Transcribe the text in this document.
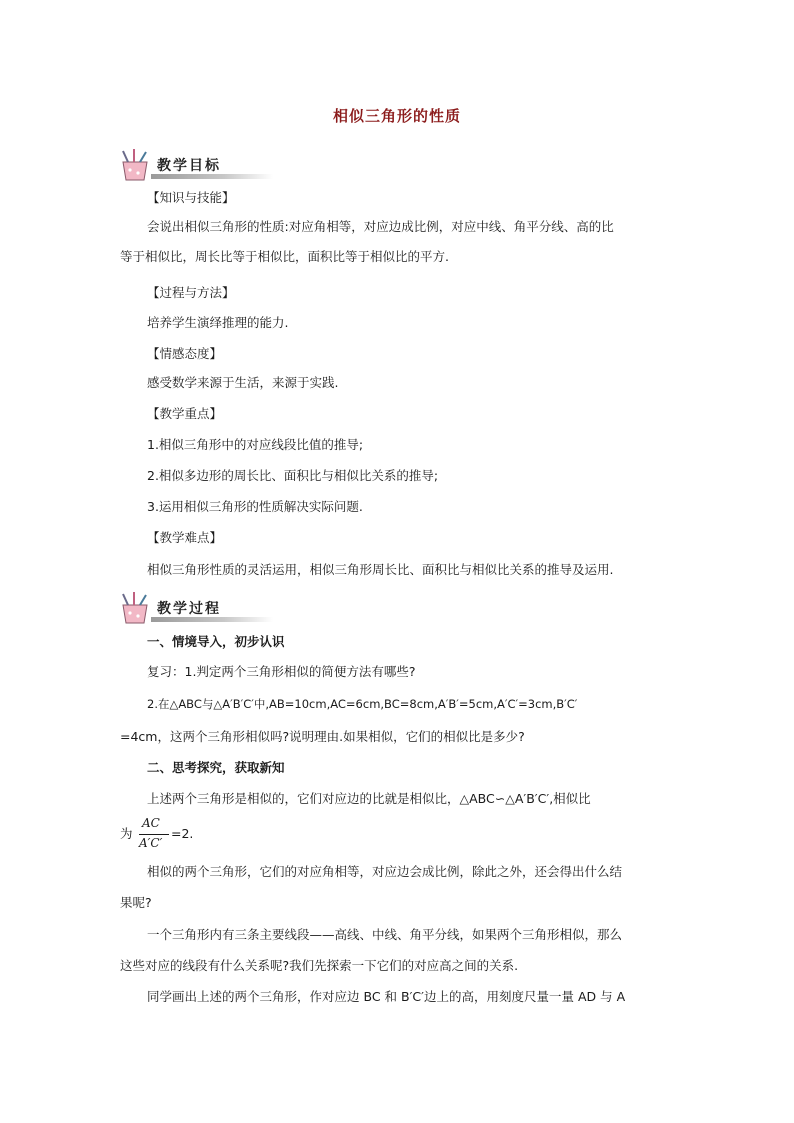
相似三角形的性质
教学目标
【知识与技能】
会说出相似三角形的性质:对应角相等，对应边成比例，对应中线、角平分线、高的比
等于相似比，周长比等于相似比，面积比等于相似比的平方.
【过程与方法】
培养学生演绎推理的能力.
【情感态度】
感受数学来源于生活，来源于实践.
【教学重点】
1.相似三角形中的对应线段比值的推导;
2.相似多边形的周长比、面积比与相似比关系的推导;
3.运用相似三角形的性质解决实际问题.
【教学难点】
相似三角形性质的灵活运用，相似三角形周长比、面积比与相似比关系的推导及运用.
教学过程
一、情境导入，初步认识
复习：1.判定两个三角形相似的简便方法有哪些?
2.在△ABC与△A′B′C′中,AB=10cm,AC=6cm,BC=8cm,A′B′=5cm,A′C′=3cm,B′C′
=4cm，这两个三角形相似吗?说明理由.如果相似，它们的相似比是多少?
二、思考探究，获取新知
上述两个三角形是相似的，它们对应边的比就是相似比，△ABC∽△A′B′C′,相似比
为
AC
A′C′
=2.
相似的两个三角形，它们的对应角相等，对应边会成比例，除此之外，还会得出什么结
果呢?
一个三角形内有三条主要线段——高线、中线、角平分线，如果两个三角形相似，那么
这些对应的线段有什么关系呢?我们先探索一下它们的对应高之间的关系.
同学画出上述的两个三角形，作对应边 BC 和 B′C′边上的高，用刻度尺量一量 AD 与 A
